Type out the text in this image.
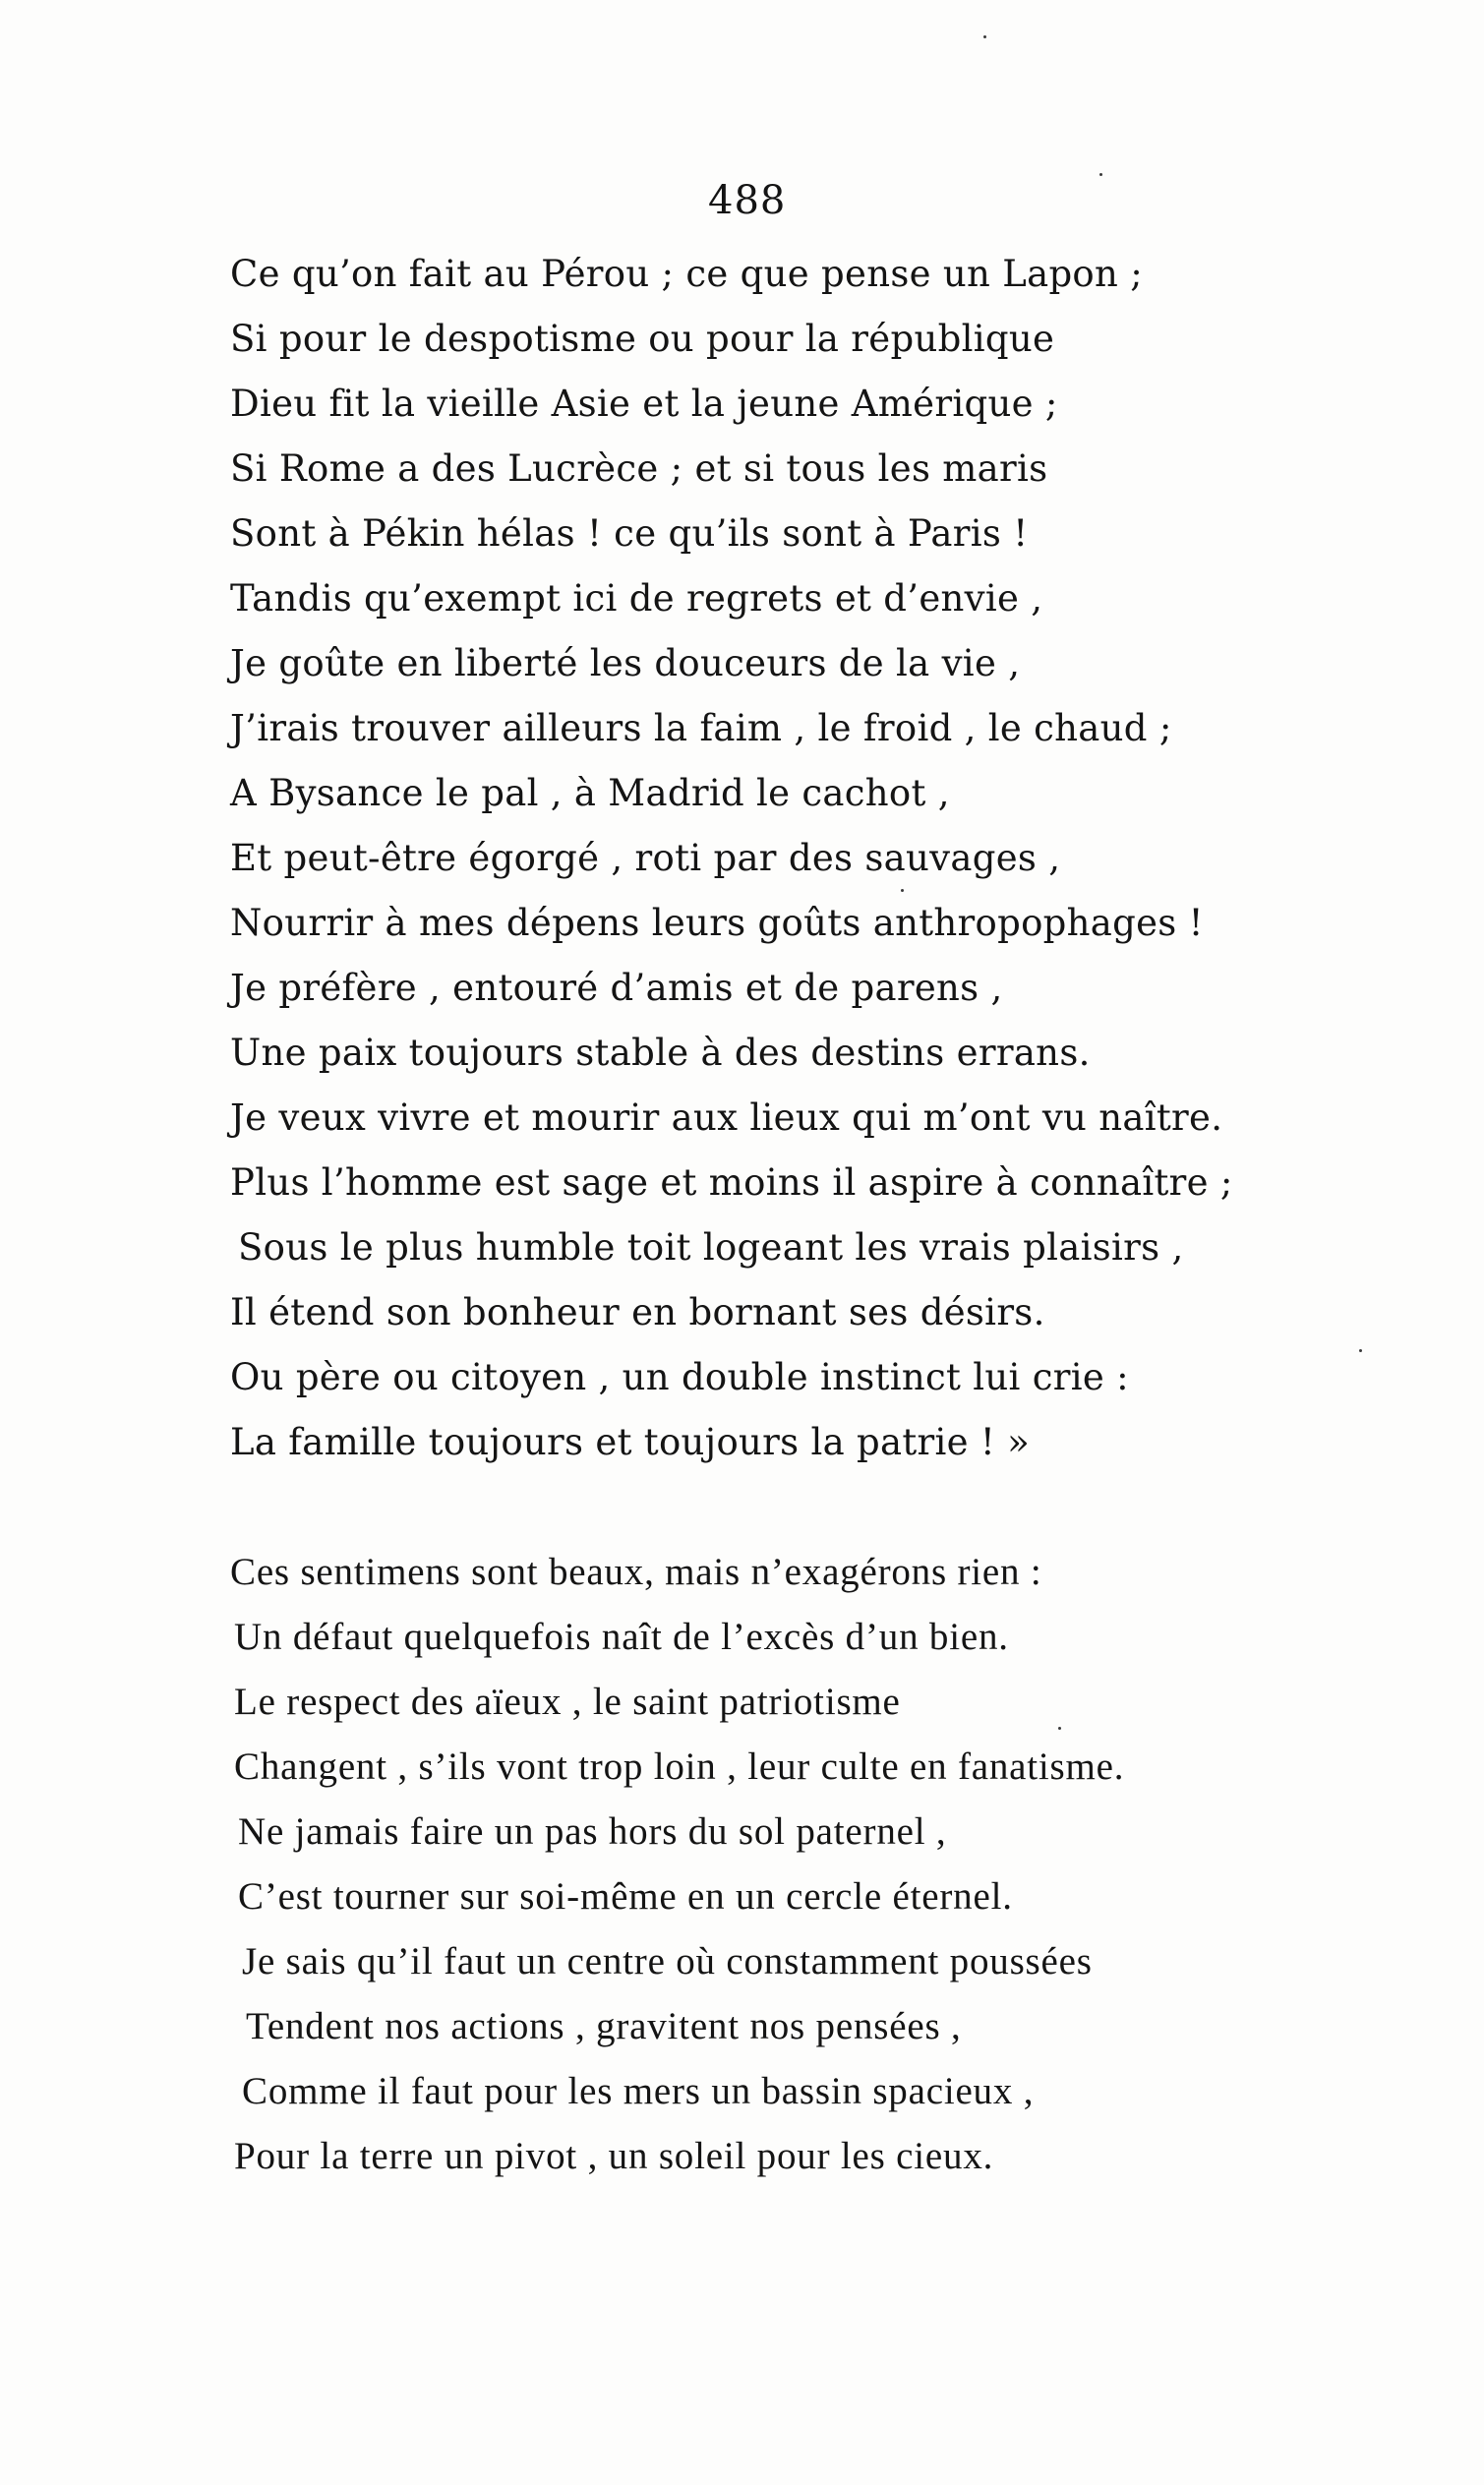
488
Ce qu’on fait au Pérou ; ce que pense un Lapon ;
Si pour le despotisme ou pour la république
Dieu fit la vieille Asie et la jeune Amérique ;
Si Rome a des Lucrèce ; et si tous les maris
Sont à Pékin hélas ! ce qu’ils sont à Paris !
Tandis qu’exempt ici de regrets et d’envie ,
Je goûte en liberté les douceurs de la vie ,
J’irais trouver ailleurs la faim , le froid , le chaud ;
A Bysance le pal , à Madrid le cachot ,
Et peut-être égorgé , roti par des sauvages ,
Nourrir à mes dépens leurs goûts anthropophages !
Je préfère , entouré d’amis et de parens ,
Une paix toujours stable à des destins errans.
Je veux vivre et mourir aux lieux qui m’ont vu naître.
Plus l’homme est sage et moins il aspire à connaître ;
Sous le plus humble toit logeant les vrais plaisirs ,
Il étend son bonheur en bornant ses désirs.
Ou père ou citoyen , un double instinct lui crie :
La famille toujours et toujours la patrie ! »
Ces sentimens sont beaux, mais n’exagérons rien :
Un défaut quelquefois naît de l’excès d’un bien.
Le respect des aïeux , le saint patriotisme
Changent , s’ils vont trop loin , leur culte en fanatisme.
Ne jamais faire un pas hors du sol paternel ,
C’est tourner sur soi-même en un cercle éternel.
Je sais qu’il faut un centre où constamment poussées
Tendent nos actions , gravitent nos pensées ,
Comme il faut pour les mers un bassin spacieux ,
Pour la terre un pivot , un soleil pour les cieux.
